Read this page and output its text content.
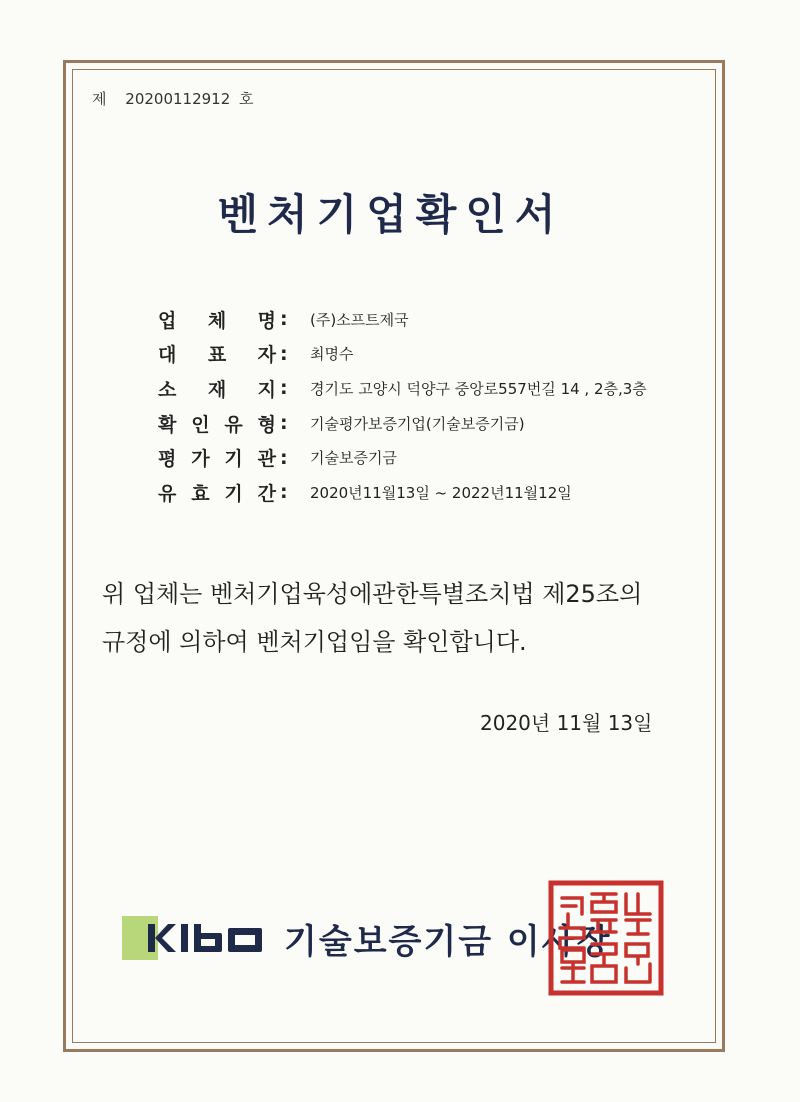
제 20200112912 호
벤처기업확인서
업 체 명 :	(주)소프트제국
대 표 자 :	최명수
소 재 지 :	경기도 고양시 덕양구 중앙로557번길 14 , 2층,3층
확 인 유 형 :	기술평가보증기업(기술보증기금)
평 가 기 관 :	기술보증기금
유 효 기 간 :	2020년11월13일 ~ 2022년11월12일
위 업체는 벤처기업육성에관한특별조치법 제25조의
규정에 의하여 벤처기업임을 확인합니다.
2020년 11월 13일
기술보증기금 이사장
